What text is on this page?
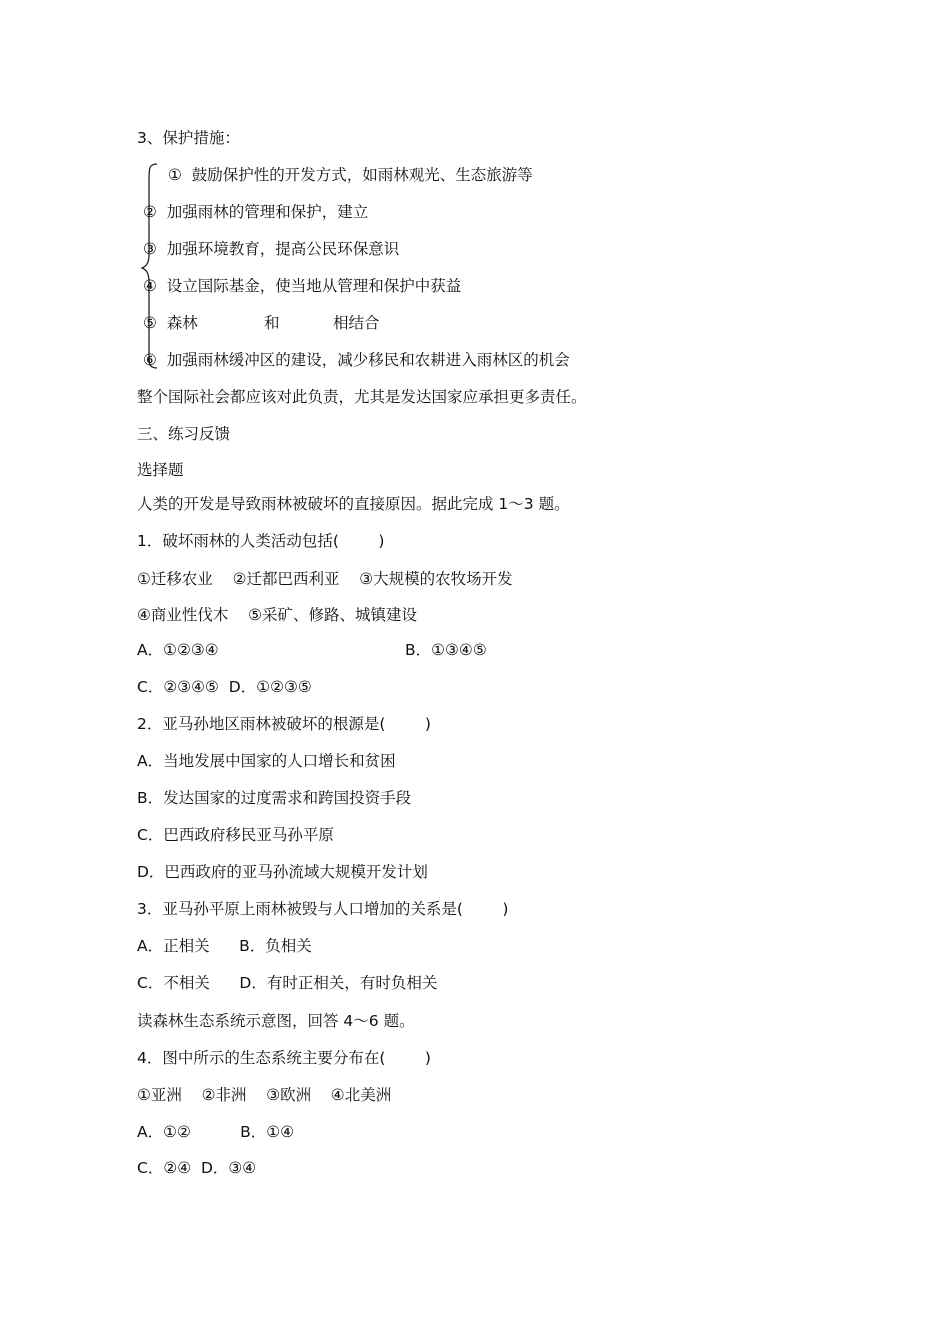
3、保护措施：
①  鼓励保护性的开发方式，如雨林观光、生态旅游等
②  加强雨林的管理和保护，建立
③  加强环境教育，提高公民环保意识
④  设立国际基金，使当地从管理和保护中获益
⑤  森林	和	相结合
⑥  加强雨林缓冲区的建设，减少移民和农耕进入雨林区的机会
整个国际社会都应该对此负责，尤其是发达国家应承担更多责任。
三、练习反馈
选择题
人类的开发是导致雨林被破坏的直接原因。据此完成 1～3 题。
1．破坏雨林的人类活动包括(        )
①迁移农业    ②迁都巴西利亚    ③大规模的农牧场开发
④商业性伐木    ⑤采矿、修路、城镇建设
A．①②③④	B．①③④⑤
C．②③④⑤  D．①②③⑤
2．亚马孙地区雨林被破坏的根源是(        )
A．当地发展中国家的人口增长和贫困
B．发达国家的过度需求和跨国投资手段
C．巴西政府移民亚马孙平原
D．巴西政府的亚马孙流域大规模开发计划
3．亚马孙平原上雨林被毁与人口增加的关系是(        )
A．正相关      B．负相关
C．不相关      D．有时正相关，有时负相关
读森林生态系统示意图，回答 4～6 题。
4．图中所示的生态系统主要分布在(        )
①亚洲    ②非洲    ③欧洲    ④北美洲
A．①②          B．①④
C．②④  D．③④
